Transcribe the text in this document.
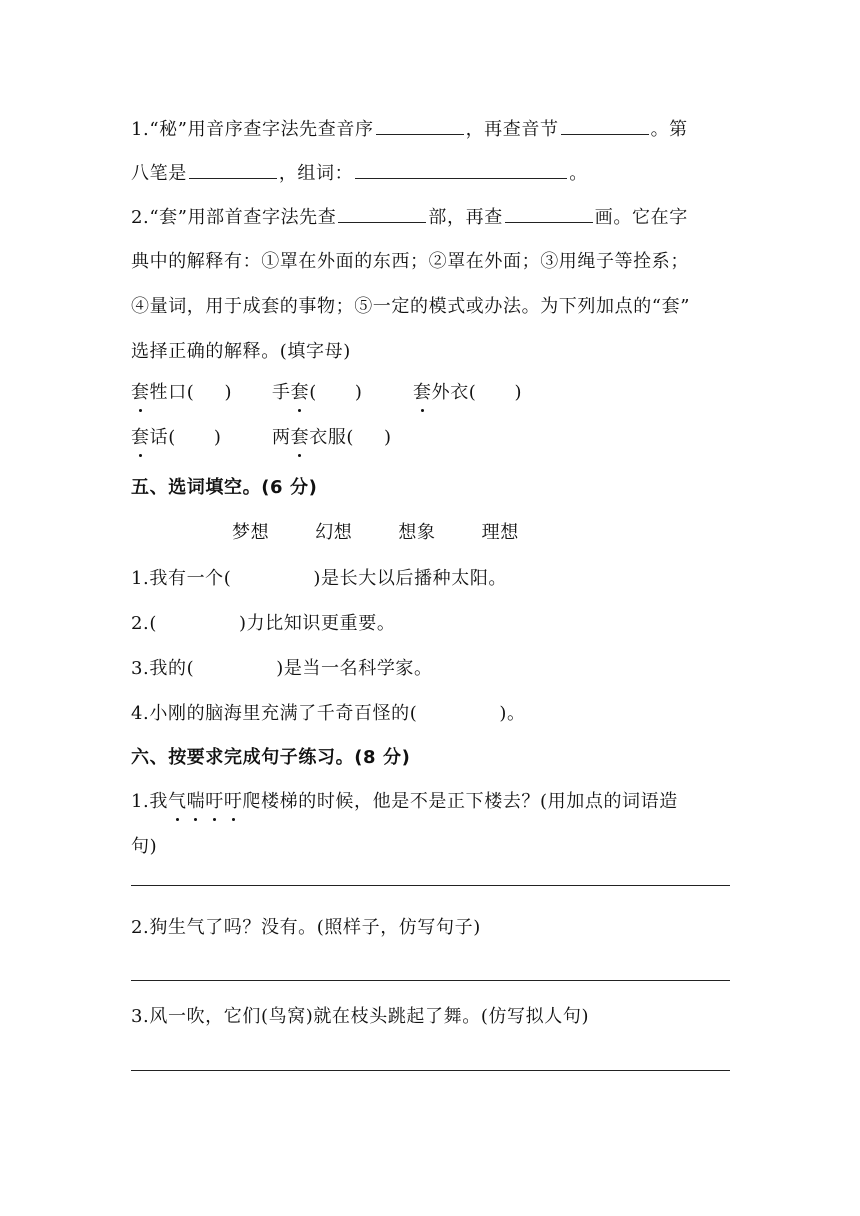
1.“秘”用音序查字法先查音序	，再查音节	。第
八笔是	，组词：	。
2.“套”用部首查字法先查	部，再查	画。它在字
典中的解释有：①罩在外面的东西；②罩在外面；③用绳子等拴系；
④量词，用于成套的事物；⑤一定的模式或办法。为下列加点的“套”
选择正确的解释。(填字母)
套牲口( ) 手套( )	套外衣( )
套话( )	两套衣服( )
五、选词填空。(6 分)
梦想	幻想	想象	理想
1.我有一个(	)是长大以后播种太阳。
2.(	)力比知识更重要。
3.我的(	)是当一名科学家。
4.小刚的脑海里充满了千奇百怪的(	)。
六、按要求完成句子练习。(8 分)
1.我气喘吁吁爬楼梯的时候，他是不是正下楼去？(用加点的词语造
句)
2.狗生气了吗？没有。(照样子，仿写句子)
3.风一吹，它们(鸟窝)就在枝头跳起了舞。(仿写拟人句)
